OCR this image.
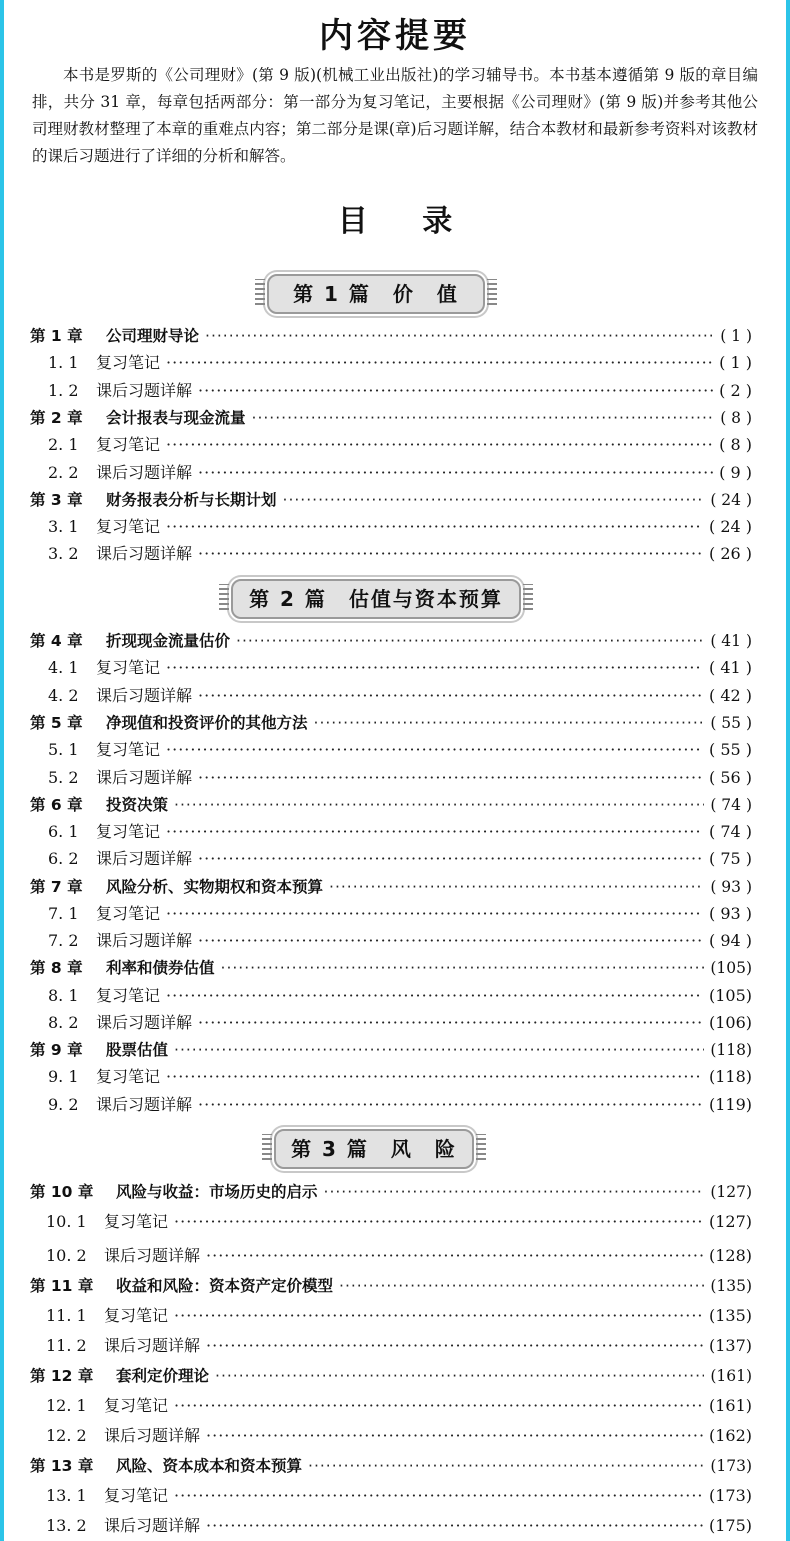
内容提要
本书是罗斯的《公司理财》(第 9 版)(机械工业出版社)的学习辅导书。本书基本遵循第 9 版的章目编排，共分 31 章，每章包括两部分：第一部分为复习笔记，主要根据《公司理财》(第 9 版)并参考其他公司理财教材整理了本章的重难点内容；第二部分是课(章)后习题详解，结合本教材和最新参考资料对该教材的课后习题进行了详细的分析和解答。
目 录
第 1 篇　价　值
第 1 章	公司理财导论 ·····	( 1 )
1. 1	复习笔记 ·····	( 1 )
1. 2	课后习题详解 ·····	( 2 )
第 2 章	会计报表与现金流量 ·····	( 8 )
2. 1	复习笔记 ·····	( 8 )
2. 2	课后习题详解 ·····	( 9 )
第 3 章	财务报表分析与长期计划 ·····	( 24 )
3. 1	复习笔记 ·····	( 24 )
3. 2	课后习题详解 ·····	( 26 )
第 2 篇　估值与资本预算
第 4 章	折现现金流量估价 ·····	( 41 )
4. 1	复习笔记 ·····	( 41 )
4. 2	课后习题详解 ·····	( 42 )
第 5 章	净现值和投资评价的其他方法 ·····	( 55 )
5. 1	复习笔记 ·····	( 55 )
5. 2	课后习题详解 ·····	( 56 )
第 6 章	投资决策 ·····	( 74 )
6. 1	复习笔记 ·····	( 74 )
6. 2	课后习题详解 ·····	( 75 )
第 7 章	风险分析、实物期权和资本预算 ·····	( 93 )
7. 1	复习笔记 ·····	( 93 )
7. 2	课后习题详解 ·····	( 94 )
第 8 章	利率和债券估值 ·····	(105)
8. 1	复习笔记 ·····	(105)
8. 2	课后习题详解 ·····	(106)
第 9 章	股票估值 ·····	(118)
9. 1	复习笔记 ·····	(118)
9. 2	课后习题详解 ·····	(119)
第 3 篇　风　险
第 10 章	风险与收益：市场历史的启示 ·····	(127)
10. 1	复习笔记 ·····	(127)
10. 2	课后习题详解 ·····	(128)
第 11 章	收益和风险：资本资产定价模型 ·····	(135)
11. 1	复习笔记 ·····	(135)
11. 2	课后习题详解 ·····	(137)
第 12 章	套利定价理论 ·····	(161)
12. 1	复习笔记 ·····	(161)
12. 2	课后习题详解 ·····	(162)
第 13 章	风险、资本成本和资本预算 ·····	(173)
13. 1	复习笔记 ·····	(173)
13. 2	课后习题详解 ·····	(175)
